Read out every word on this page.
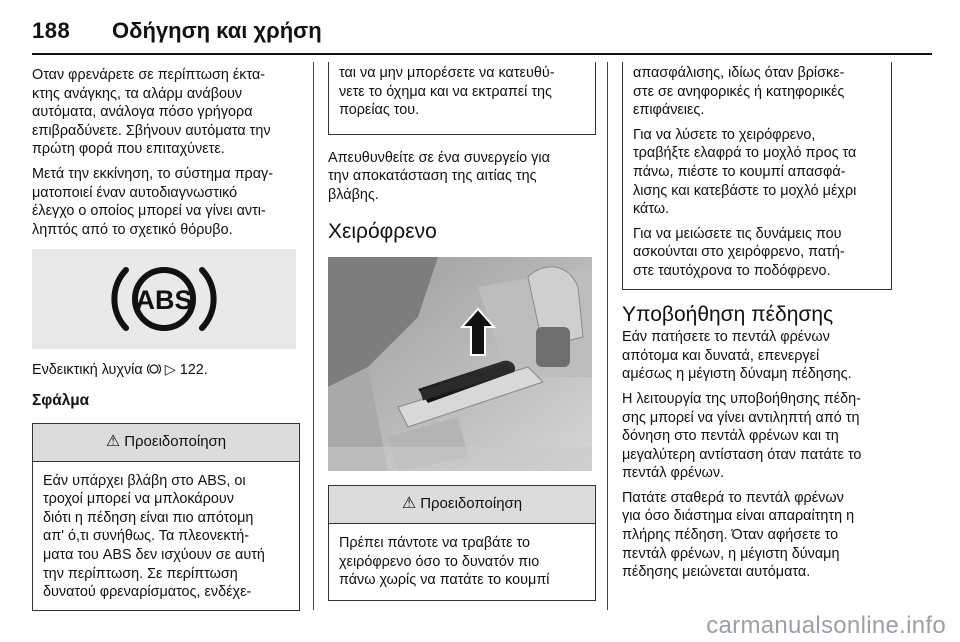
188 Οδήγηση και χρήση
Οταν φρενάρετε σε περίπτωση έκτα-
κτης ανάγκης, τα αλάρμ ανάβουν
αυτόματα, ανάλογα πόσο γρήγορα
επιβραδύνετε. Σβήνουν αυτόματα την
πρώτη φορά που επιταχύνετε.
Μετά την εκκίνηση, το σύστημα πραγ-
ματοποιεί έναν αυτοδιαγνωστικό
έλεγχο ο οποίος μπορεί να γίνει αντι-
ληπτός από το σχετικό θόρυβο.
ABS
Ενδεικτική λυχνία ▷ 122.
Σφάλμα
⚠ Προειδοποίηση
Εάν υπάρχει βλάβη στο ABS, οι
τροχοί μπορεί να μπλοκάρουν
διότι η πέδηση είναι πιο απότομη
απ' ό,τι συνήθως. Τα πλεονεκτή-
ματα του ABS δεν ισχύουν σε αυτή
την περίπτωση. Σε περίπτωση
δυνατού φρεναρίσματος, ενδέχε-
ται να μην μπορέσετε να κατευθύ-
νετε το όχημα και να εκτραπεί της
πορείας του.
Απευθυνθείτε σε ένα συνεργείο για
την αποκατάσταση της αιτίας της
βλάβης.
Χειρόφρενο
⚠ Προειδοποίηση
Πρέπει πάντοτε να τραβάτε το
χειρόφρενο όσο το δυνατόν πιο
πάνω χωρίς να πατάτε το κουμπί
απασφάλισης, ιδίως όταν βρίσκε-
στε σε ανηφορικές ή κατηφορικές
επιφάνειες.
Για να λύσετε το χειρόφρενο,
τραβήξτε ελαφρά το μοχλό προς τα
πάνω, πιέστε το κουμπί απασφά-
λισης και κατεβάστε το μοχλό μέχρι
κάτω.
Για να μειώσετε τις δυνάμεις που
ασκούνται στο χειρόφρενο, πατή-
στε ταυτόχρονα το ποδόφρενο.
Υποβοήθηση πέδησης
Εάν πατήσετε το πεντάλ φρένων
απότομα και δυνατά, επενεργεί
αμέσως η μέγιστη δύναμη πέδησης.
Η λειτουργία της υποβοήθησης πέδη-
σης μπορεί να γίνει αντιληπτή από τη
δόνηση στο πεντάλ φρένων και τη
μεγαλύτερη αντίσταση όταν πατάτε το
πεντάλ φρένων.
Πατάτε σταθερά το πεντάλ φρένων
για όσο διάστημα είναι απαραίτητη η
πλήρης πέδηση. Όταν αφήσετε το
πεντάλ φρένων, η μέγιστη δύναμη
πέδησης μειώνεται αυτόματα.
carmanualsonline.info
